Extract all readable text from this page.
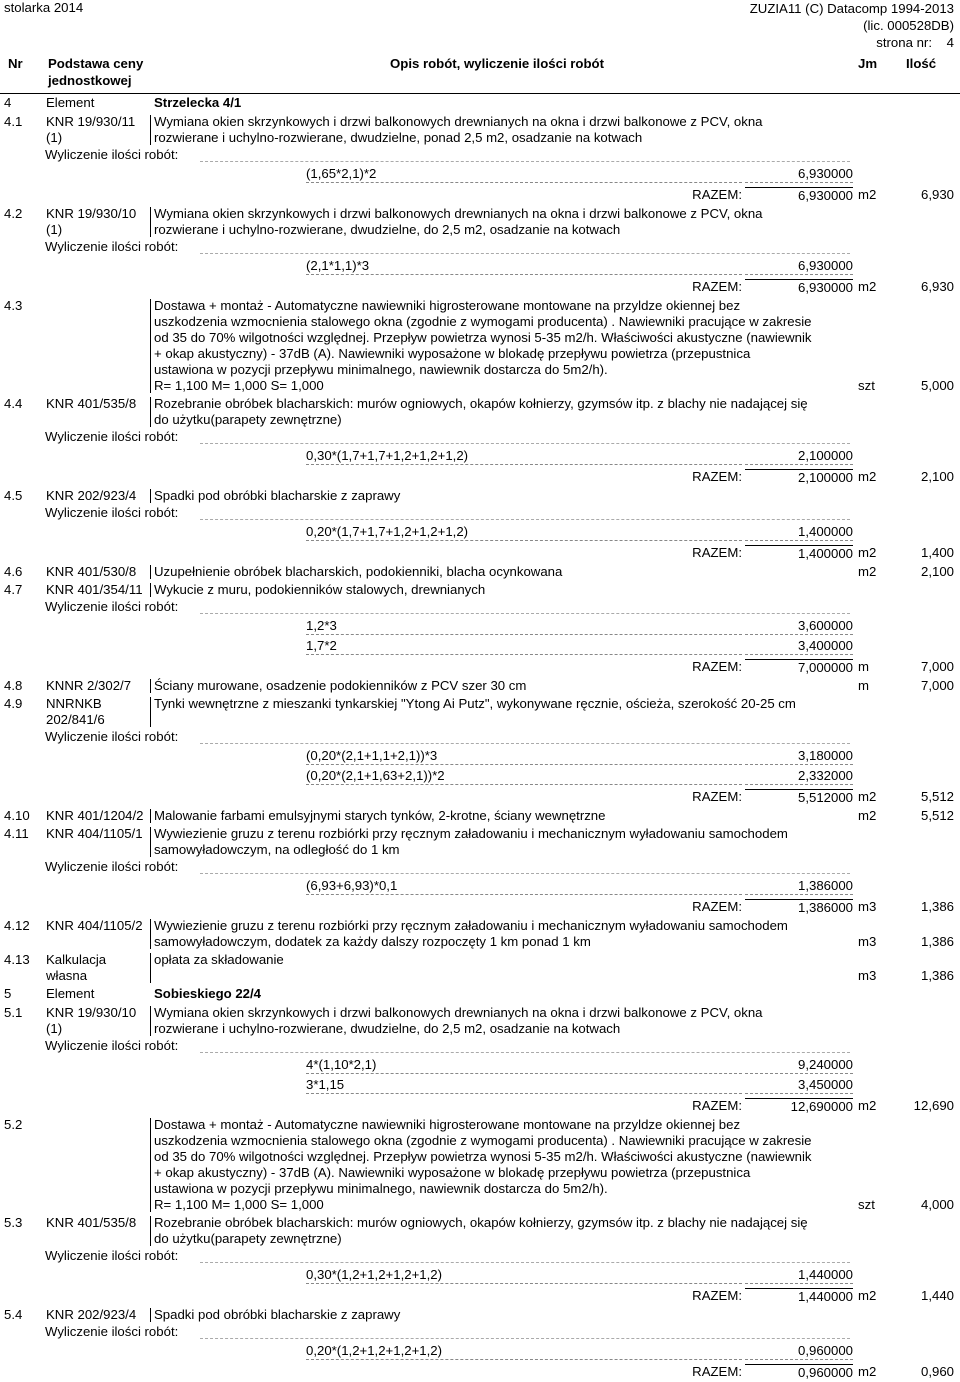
stolarka 2014	ZUZIA11 (C) Datacomp 1994-2013
(lic. 000528DB)
strona nr: 4
Nr Podstawa ceny
jednostkowej
Opis robót, wyliczenie ilości robót	Jm Ilość
4	Element	Strzelecka 4/1
4.1 KNR 19/930/11
(1)
Wymiana okien skrzynkowych i drzwi balkonowych drewnianych na okna i drzwi balkonowe z PCV, okna
rozwierane i uchylno-rozwierane, dwudzielne, ponad 2,5 m2, osadzanie na kotwach
Wyliczenie ilości robót:
(1,65*2,1)*2	6,930000
RAZEM:	6,930000 m2	6,930
4.2 KNR 19/930/10
(1)
Wymiana okien skrzynkowych i drzwi balkonowych drewnianych na okna i drzwi balkonowe z PCV, okna
rozwierane i uchylno-rozwierane, dwudzielne, do 2,5 m2, osadzanie na kotwach
Wyliczenie ilości robót:
(2,1*1,1)*3	6,930000
RAZEM:	6,930000 m2	6,930
4.3	Dostawa + montaż - Automatyczne nawiewniki higrosterowane montowane na przyldze okiennej bez
uszkodzenia wzmocnienia stalowego okna (zgodnie z wymogami producenta) . Nawiewniki pracujące w zakresie
od 35 do 70% wilgotności względnej. Przepływ powietrza wynosi 5-35 m2/h. Właściwości akustyczne (nawiewnik
+ okap akustyczny) - 37dB (A). Nawiewniki wyposażone w blokadę przepływu powietrza (przepustnica
ustawiona w pozycji przepływu minimalnego, nawiewnik dostarcza do 5m2/h).
R= 1,100 M= 1,000 S= 1,000	szt	5,000
4.4 KNR 401/535/8 Rozebranie obróbek blacharskich: murów ogniowych, okapów kołnierzy, gzymsów itp. z blachy nie nadającej się
do użytku(parapety zewnętrzne)
Wyliczenie ilości robót:
0,30*(1,7+1,7+1,2+1,2+1,2)	2,100000
RAZEM:	2,100000 m2	2,100
4.5 KNR 202/923/4 Spadki pod obróbki blacharskie z zaprawy
Wyliczenie ilości robót:
0,20*(1,7+1,7+1,2+1,2+1,2)	1,400000
RAZEM:	1,400000 m2	1,400
4.6 KNR 401/530/8 Uzupełnienie obróbek blacharskich, podokienniki, blacha ocynkowana	m2	2,100
4.7 KNR 401/354/11 Wykucie z muru, podokienników stalowych, drewnianych
Wyliczenie ilości robót:
1,2*3	3,600000
1,7*2	3,400000
RAZEM:	7,000000 m	7,000
4.8 KNNR 2/302/7 Ściany murowane, osadzenie podokienników z PCV szer 30 cm	m	7,000
4.9 NNRNKB
202/841/6
Tynki wewnętrzne z mieszanki tynkarskiej "Ytong Ai Putz", wykonywane ręcznie, ościeża, szerokość 20-25 cm
Wyliczenie ilości robót:
(0,20*(2,1+1,1+2,1))*3	3,180000
(0,20*(2,1+1,63+2,1))*2	2,332000
RAZEM:	5,512000 m2	5,512
4.10 KNR 401/1204/2 Malowanie farbami emulsyjnymi starych tynków, 2-krotne, ściany wewnętrzne	m2	5,512
4.11 KNR 404/1105/1 Wywiezienie gruzu z terenu rozbiórki przy ręcznym załadowaniu i mechanicznym wyładowaniu samochodem
samowyładowczym, na odległość do 1 km
Wyliczenie ilości robót:
(6,93+6,93)*0,1	1,386000
RAZEM:	1,386000 m3	1,386
4.12 KNR 404/1105/2 Wywiezienie gruzu z terenu rozbiórki przy ręcznym załadowaniu i mechanicznym wyładowaniu samochodem
samowyładowczym, dodatek za każdy dalszy rozpoczęty 1 km ponad 1 km	m3	1,386
4.13 Kalkulacja
własna
opłata za składowanie
m3	1,386
5	Element	Sobieskiego 22/4
5.1 KNR 19/930/10
(1)
Wymiana okien skrzynkowych i drzwi balkonowych drewnianych na okna i drzwi balkonowe z PCV, okna
rozwierane i uchylno-rozwierane, dwudzielne, do 2,5 m2, osadzanie na kotwach
Wyliczenie ilości robót:
4*(1,10*2,1)	9,240000
3*1,15	3,450000
RAZEM:	12,690000 m2	12,690
5.2	Dostawa + montaż - Automatyczne nawiewniki higrosterowane montowane na przyldze okiennej bez
uszkodzenia wzmocnienia stalowego okna (zgodnie z wymogami producenta) . Nawiewniki pracujące w zakresie
od 35 do 70% wilgotności względnej. Przepływ powietrza wynosi 5-35 m2/h. Właściwości akustyczne (nawiewnik
+ okap akustyczny) - 37dB (A). Nawiewniki wyposażone w blokadę przepływu powietrza (przepustnica
ustawiona w pozycji przepływu minimalnego, nawiewnik dostarcza do 5m2/h).
R= 1,100 M= 1,000 S= 1,000	szt	4,000
5.3 KNR 401/535/8 Rozebranie obróbek blacharskich: murów ogniowych, okapów kołnierzy, gzymsów itp. z blachy nie nadającej się
do użytku(parapety zewnętrzne)
Wyliczenie ilości robót:
0,30*(1,2+1,2+1,2+1,2)	1,440000
RAZEM:	1,440000 m2	1,440
5.4 KNR 202/923/4 Spadki pod obróbki blacharskie z zaprawy
Wyliczenie ilości robót:
0,20*(1,2+1,2+1,2+1,2)	0,960000
RAZEM:	0,960000 m2	0,960
